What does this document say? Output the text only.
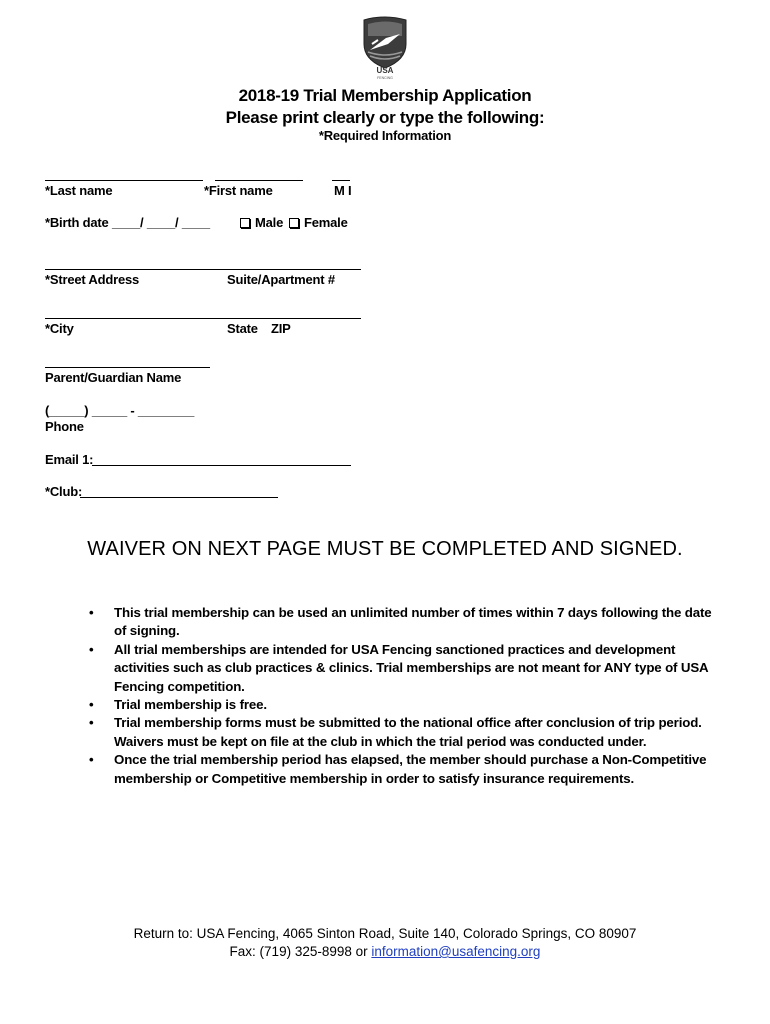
USA
FENCING
2018-19 Trial Membership Application
Please print clearly or type the following:
*Required Information
*Last name	*First name	M I
*Birth date ____/ ____/ ____	Male	Female
*Street Address	Suite/Apartment #
*City	State ZIP
Parent/Guardian Name
(_____) _____ - ________
Phone
Email 1:
*Club:
WAIVER ON NEXT PAGE MUST BE COMPLETED AND SIGNED.
• This trial membership can be used an unlimited number of times within 7 days following the date of signing.
• All trial memberships are intended for USA Fencing sanctioned practices and development activities such as club practices & clinics. Trial memberships are not meant for ANY type of USA Fencing competition.
• Trial membership is free.
• Trial membership forms must be submitted to the national office after conclusion of trip period. Waivers must be kept on file at the club in which the trial period was conducted under.
• Once the trial membership period has elapsed, the member should purchase a Non-Competitive membership or Competitive membership in order to satisfy insurance requirements.
Return to: USA Fencing, 4065 Sinton Road, Suite 140, Colorado Springs, CO 80907
Fax: (719) 325-8998 or information@usafencing.org
